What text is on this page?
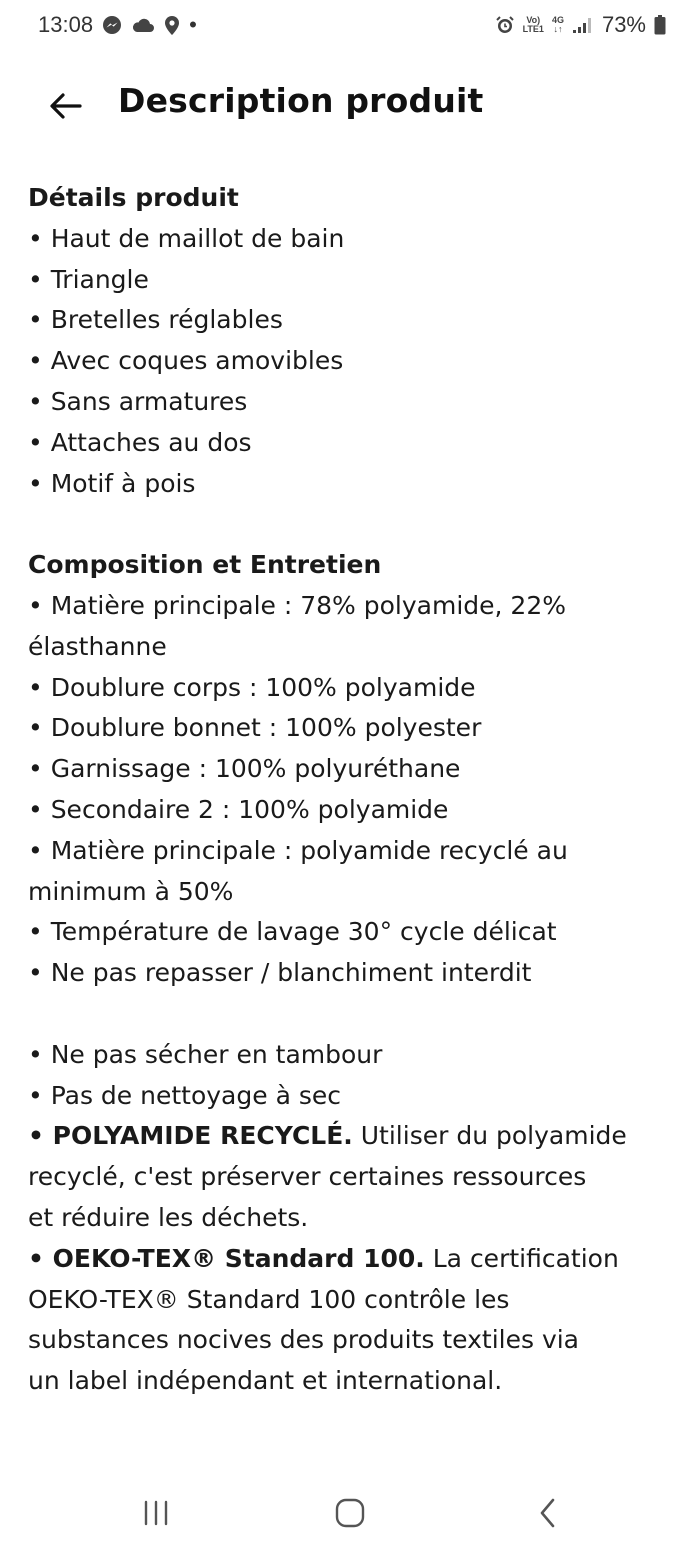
13:08	•	Vo)
LTE1
4G
↓↑ 73%
Description produit

Détails produit

• Haut de maillot de bain

• Triangle

• Bretelles réglables

• Avec coques amovibles

• Sans armatures

• Attaches au dos

• Motif à pois

Composition et Entretien

• Matière principale : 78% polyamide, 22%

élasthanne

• Doublure corps : 100% polyamide

• Doublure bonnet : 100% polyester

• Garnissage : 100% polyuréthane

• Secondaire 2 : 100% polyamide

• Matière principale : polyamide recyclé au

minimum à 50%

• Température de lavage 30° cycle délicat

• Ne pas repasser / blanchiment interdit

• Ne pas sécher en tambour

• Pas de nettoyage à sec

• POLYAMIDE RECYCLÉ. Utiliser du polyamide

recyclé, c'est préserver certaines ressources

et réduire les déchets.

• OEKO-TEX® Standard 100. La certification

OEKO-TEX® Standard 100 contrôle les

substances nocives des produits textiles via

un label indépendant et international.
